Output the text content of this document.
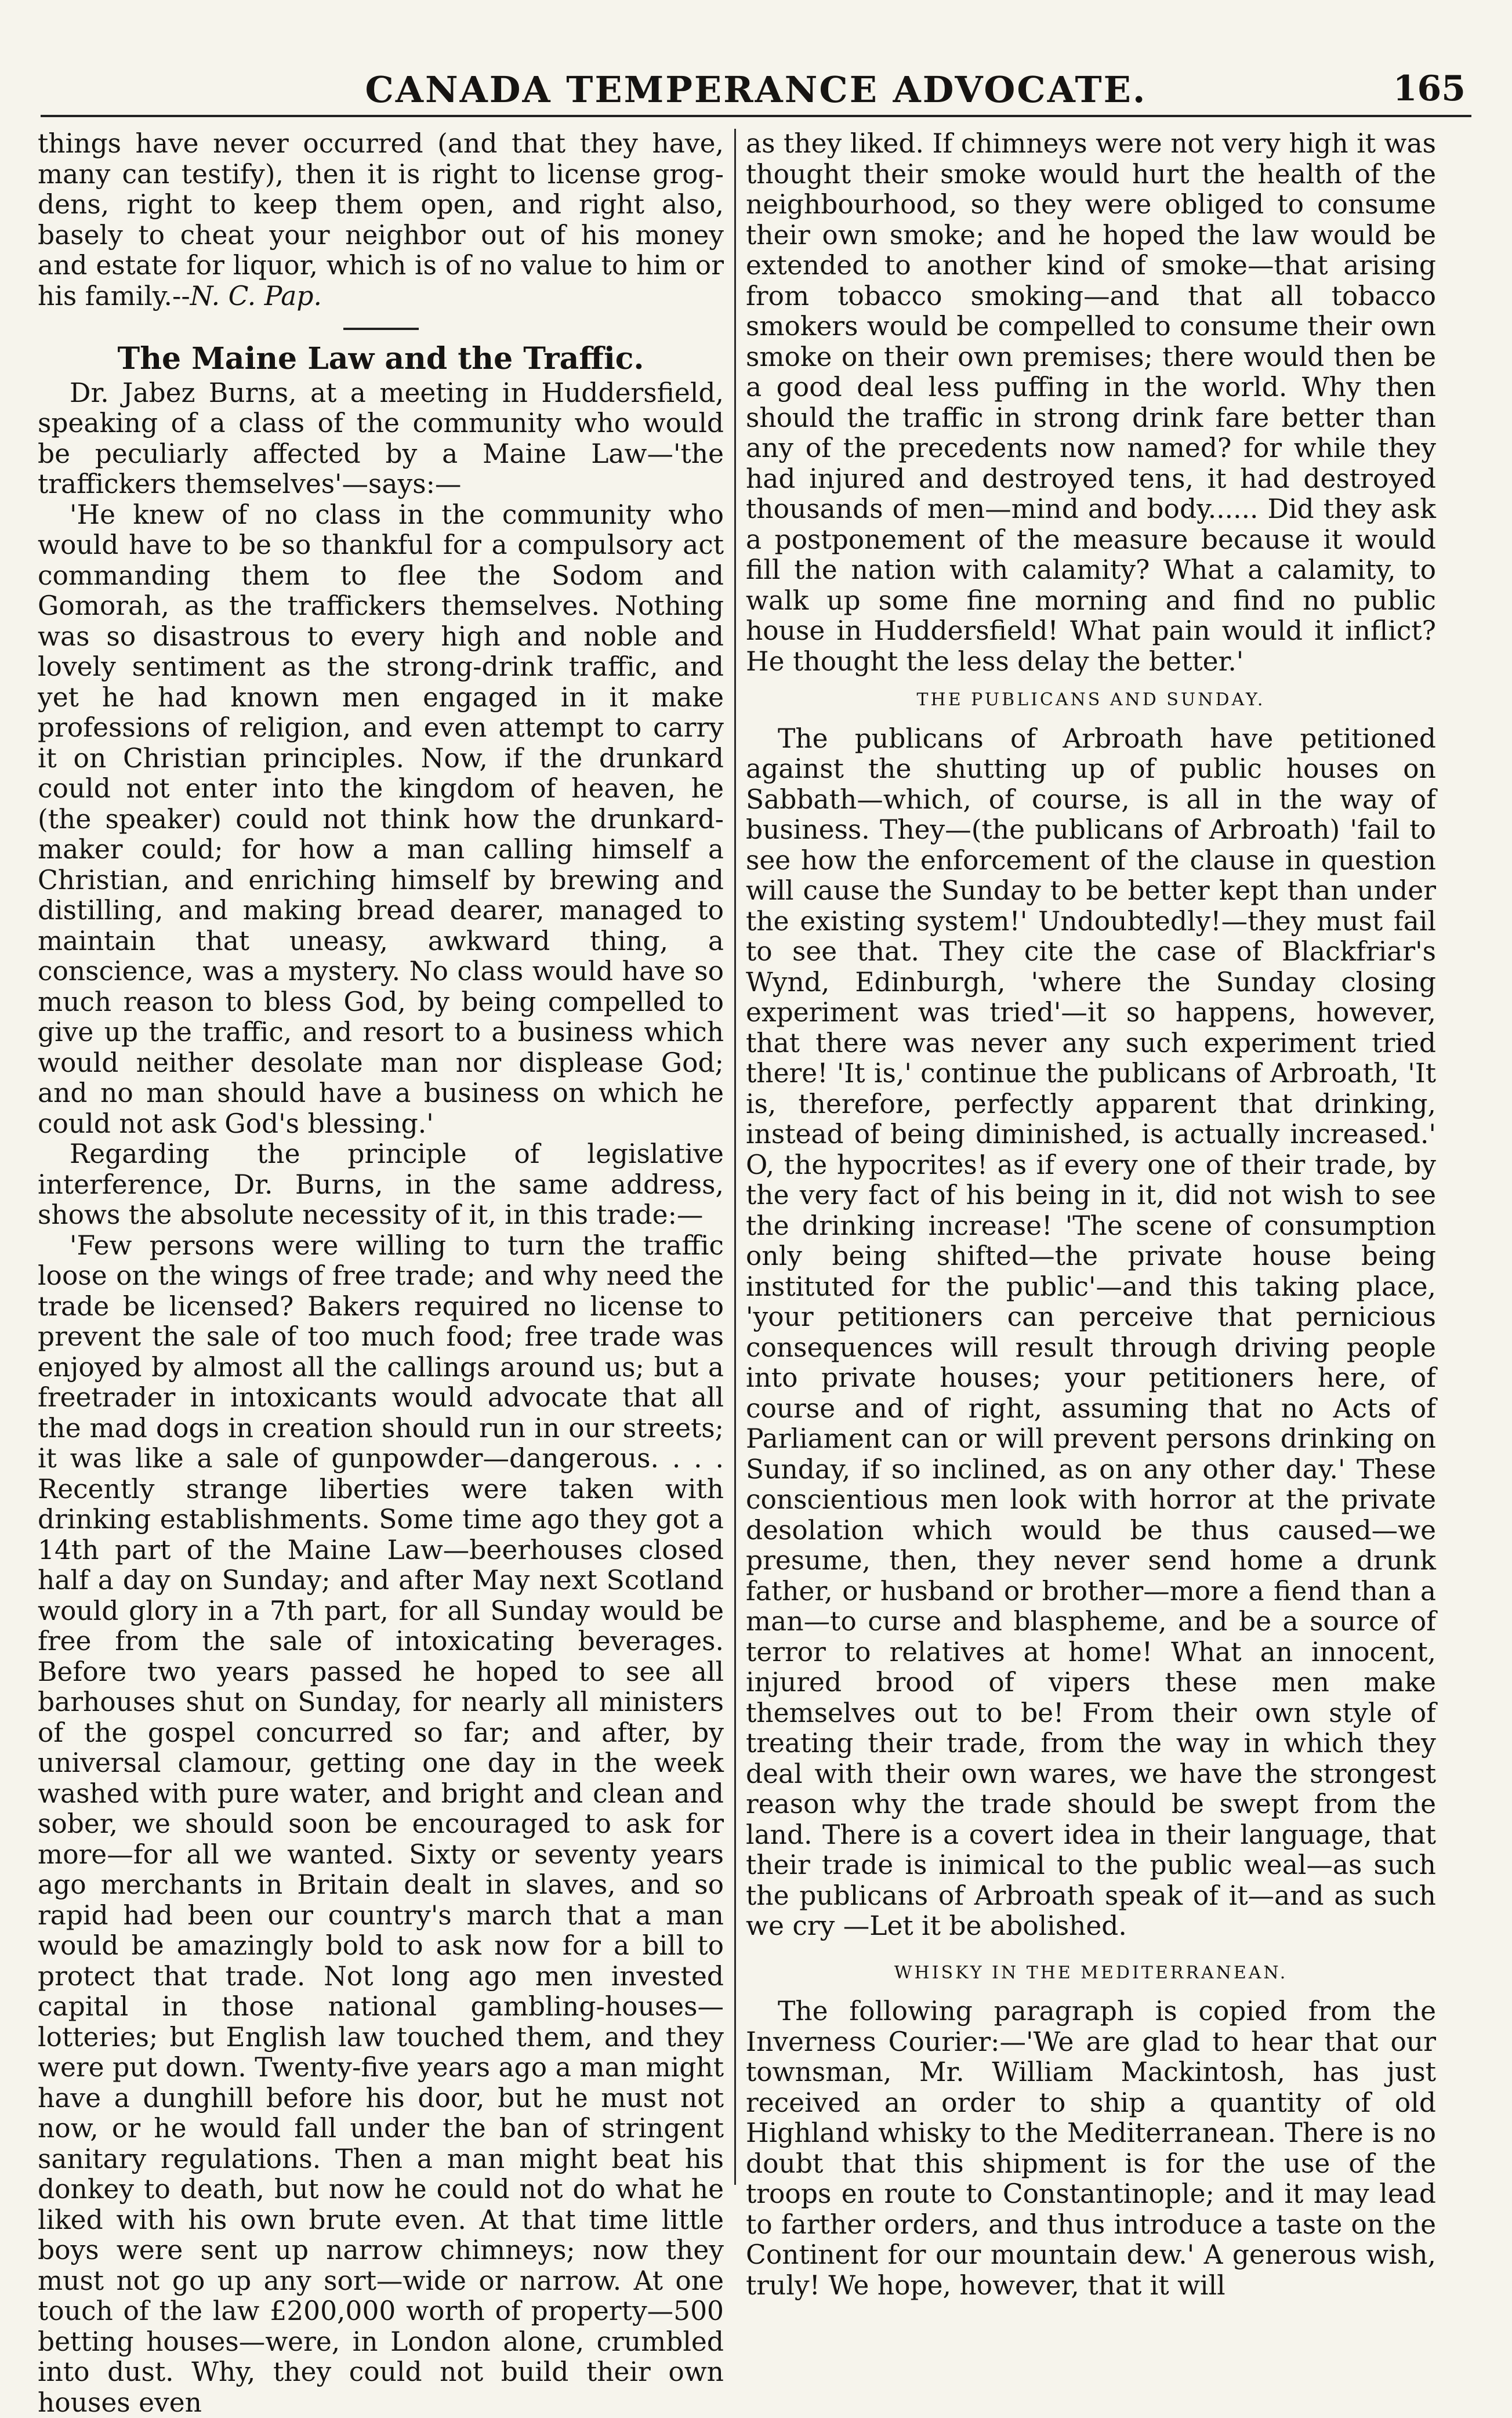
CANADA TEMPERANCE ADVOCATE.	165

things have never occurred (and that they have, many can testify), then it is right to license grog-dens, right to keep them open, and right also, basely to cheat your neighbor out of his money and estate for liquor, which is of no value to him or his family.--N. C. Pap.

The Maine Law and the Traffic.

Dr. Jabez Burns, at a meeting in Huddersfield, speaking of a class of the community who would be peculiarly affected by a Maine Law—'the traffickers themselves'—says:—

'He knew of no class in the community who would have to be so thankful for a compulsory act commanding them to flee the Sodom and Gomorah, as the traffickers themselves. Nothing was so disastrous to every high and noble and lovely sentiment as the strong-drink traffic, and yet he had known men engaged in it make professions of religion, and even attempt to carry it on Christian principles. Now, if the drunkard could not enter into the kingdom of heaven, he (the speaker) could not think how the drunkard-maker could; for how a man calling himself a Christian, and enriching himself by brewing and distilling, and making bread dearer, managed to maintain that uneasy, awkward thing, a conscience, was a mystery. No class would have so much reason to bless God, by being compelled to give up the traffic, and resort to a business which would neither desolate man nor displease God; and no man should have a business on which he could not ask God's blessing.'

Regarding the principle of legislative interference, Dr. Burns, in the same address, shows the absolute necessity of it, in this trade:—

'Few persons were willing to turn the traffic loose on the wings of free trade; and why need the trade be licensed? Bakers required no license to prevent the sale of too much food; free trade was enjoyed by almost all the callings around us; but a freetrader in intoxicants would advocate that all the mad dogs in creation should run in our streets; it was like a sale of gunpowder—dangerous. . . . Recently strange liberties were taken with drinking establishments. Some time ago they got a 14th part of the Maine Law—beerhouses closed half a day on Sunday; and after May next Scotland would glory in a 7th part, for all Sunday would be free from the sale of intoxicating beverages. Before two years passed he hoped to see all barhouses shut on Sunday, for nearly all ministers of the gospel concurred so far; and after, by universal clamour, getting one day in the week washed with pure water, and bright and clean and sober, we should soon be encouraged to ask for more—for all we wanted. Sixty or seventy years ago merchants in Britain dealt in slaves, and so rapid had been our country's march that a man would be amazingly bold to ask now for a bill to protect that trade. Not long ago men invested capital in those national gambling-houses—lotteries; but English law touched them, and they were put down. Twenty-five years ago a man might have a dunghill before his door, but he must not now, or he would fall under the ban of stringent sanitary regulations. Then a man might beat his donkey to death, but now he could not do what he liked with his own brute even. At that time little boys were sent up narrow chimneys; now they must not go up any sort—wide or narrow. At one touch of the law £200,000 worth of property—500 betting houses—were, in London alone, crumbled into dust. Why, they could not build their own houses even

as they liked. If chimneys were not very high it was thought their smoke would hurt the health of the neighbourhood, so they were obliged to consume their own smoke; and he hoped the law would be extended to another kind of smoke—that arising from tobacco smoking—and that all tobacco smokers would be compelled to consume their own smoke on their own premises; there would then be a good deal less puffing in the world. Why then should the traffic in strong drink fare better than any of the precedents now named? for while they had injured and destroyed tens, it had destroyed thousands of men—mind and body...... Did they ask a postponement of the measure because it would fill the nation with calamity? What a calamity, to walk up some fine morning and find no public house in Huddersfield! What pain would it inflict? He thought the less delay the better.'

THE PUBLICANS AND SUNDAY.

The publicans of Arbroath have petitioned against the shutting up of public houses on Sabbath—which, of course, is all in the way of business. They—(the publicans of Arbroath) 'fail to see how the enforcement of the clause in question will cause the Sunday to be better kept than under the existing system!' Undoubtedly!—they must fail to see that. They cite the case of Blackfriar's Wynd, Edinburgh, 'where the Sunday closing experiment was tried'—it so happens, however, that there was never any such experiment tried there! 'It is,' continue the publicans of Arbroath, 'It is, therefore, perfectly apparent that drinking, instead of being diminished, is actually increased.' O, the hypocrites! as if every one of their trade, by the very fact of his being in it, did not wish to see the drinking increase! 'The scene of consumption only being shifted—the private house being instituted for the public'—and this taking place, 'your petitioners can perceive that pernicious consequences will result through driving people into private houses; your petitioners here, of course and of right, assuming that no Acts of Parliament can or will prevent persons drinking on Sunday, if so inclined, as on any other day.' These conscientious men look with horror at the private desolation which would be thus caused—we presume, then, they never send home a drunk father, or husband or brother—more a fiend than a man—to curse and blaspheme, and be a source of terror to relatives at home! What an innocent, injured brood of vipers these men make themselves out to be! From their own style of treating their trade, from the way in which they deal with their own wares, we have the strongest reason why the trade should be swept from the land. There is a covert idea in their language, that their trade is inimical to the public weal—as such the publicans of Arbroath speak of it—and as such we cry —Let it be abolished.

WHISKY IN THE MEDITERRANEAN.

The following paragraph is copied from the Inverness Courier:—'We are glad to hear that our townsman, Mr. William Mackintosh, has just received an order to ship a quantity of old Highland whisky to the Mediterranean. There is no doubt that this shipment is for the use of the troops en route to Constantinople; and it may lead to farther orders, and thus introduce a taste on the Continent for our mountain dew.' A generous wish, truly! We hope, however, that it will
